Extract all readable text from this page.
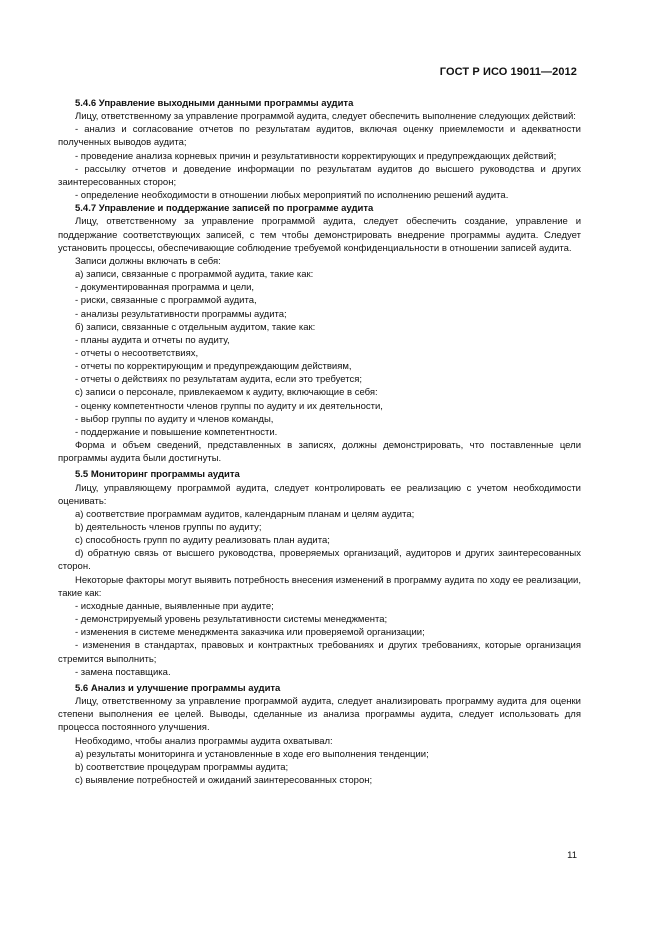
ГОСТ Р ИСО 19011—2012

5.4.6 Управление выходными данными программы аудита

Лицу, ответственному за управление программой аудита, следует обеспечить выполнение следующих действий:

- анализ и согласование отчетов по результатам аудитов, включая оценку приемлемости и адекватности полученных выводов аудита;

- проведение анализа корневых причин и результативности корректирующих и предупреждающих действий;

- рассылку отчетов и доведение информации по результатам аудитов до высшего руководства и других заинтересованных сторон;

- определение необходимости в отношении любых мероприятий по исполнению решений аудита.

5.4.7 Управление и поддержание записей по программе аудита

Лицу, ответственному за управление программой аудита, следует обеспечить создание, управление и поддержание соответствующих записей, с тем чтобы демонстрировать внедрение программы аудита. Следует установить процессы, обеспечивающие соблюдение требуемой конфиденциальности в отношении записей аудита.

Записи должны включать в себя:

а) записи, связанные с программой аудита, такие как:

- документированная программа и цели,

- риски, связанные с программой аудита,

- анализы результативности программы аудита;

б) записи, связанные с отдельным аудитом, такие как:

- планы аудита и отчеты по аудиту,

- отчеты о несоответствиях,

- отчеты по корректирующим и предупреждающим действиям,

- отчеты о действиях по результатам аудита, если это требуется;

с) записи о персонале, привлекаемом к аудиту, включающие в себя:

- оценку компетентности членов группы по аудиту и их деятельности,

- выбор группы по аудиту и членов команды,

- поддержание и повышение компетентности.

Форма и объем сведений, представленных в записях, должны демонстрировать, что поставленные цели программы аудита были достигнуты.

5.5 Мониторинг программы аудита

Лицу, управляющему программой аудита, следует контролировать ее реализацию с учетом необходимости оценивать:

а) соответствие программам аудитов, календарным планам и целям аудита;

b) деятельность членов группы по аудиту;

с) способность групп по аудиту реализовать план аудита;

d) обратную связь от высшего руководства, проверяемых организаций, аудиторов и других заинтересованных сторон.

Некоторые факторы могут выявить потребность внесения изменений в программу аудита по ходу ее реализации, такие как:

- исходные данные, выявленные при аудите;

- демонстрируемый уровень результативности системы менеджмента;

- изменения в системе менеджмента заказчика или проверяемой организации;

- изменения в стандартах, правовых и контрактных требованиях и других требованиях, которые организация стремится выполнить;

- замена поставщика.

5.6 Анализ и улучшение программы аудита

Лицу, ответственному за управление программой аудита, следует анализировать программу аудита для оценки степени выполнения ее целей. Выводы, сделанные из анализа программы аудита, следует использовать для процесса постоянного улучшения.

Необходимо, чтобы анализ программы аудита охватывал:

а) результаты мониторинга и установленные в ходе его выполнения тенденции;

b) соответствие процедурам программы аудита;

с) выявление потребностей и ожиданий заинтересованных сторон;

11
